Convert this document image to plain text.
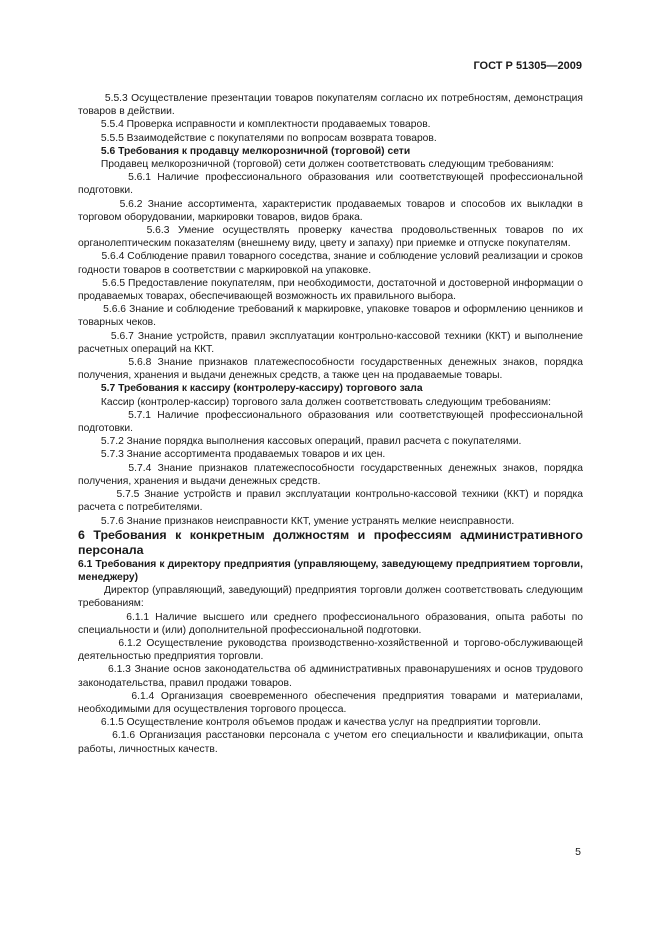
ГОСТ Р 51305—2009

5.5.3 Осуществление презентации товаров покупателям согласно их потребностям, демонстрация товаров в действии.

5.5.4 Проверка исправности и комплектности продаваемых товаров.

5.5.5 Взаимодействие с покупателями по вопросам возврата товаров.

5.6 Требования к продавцу мелкорозничной (торговой) сети

Продавец мелкорозничной (торговой) сети должен соответствовать следующим требованиям:

5.6.1 Наличие профессионального образования или соответствующей профессиональной подготовки.

5.6.2 Знание ассортимента, характеристик продаваемых товаров и способов их выкладки в торговом оборудовании, маркировки товаров, видов брака.

5.6.3 Умение осуществлять проверку качества продовольственных товаров по их органолептическим показателям (внешнему виду, цвету и запаху) при приемке и отпуске покупателям.

5.6.4 Соблюдение правил товарного соседства, знание и соблюдение условий реализации и сроков годности товаров в соответствии с маркировкой на упаковке.

5.6.5 Предоставление покупателям, при необходимости, достаточной и достоверной информации о продаваемых товарах, обеспечивающей возможность их правильного выбора.

5.6.6 Знание и соблюдение требований к маркировке, упаковке товаров и оформлению ценников и товарных чеков.

5.6.7 Знание устройств, правил эксплуатации контрольно-кассовой техники (ККТ) и выполнение расчетных операций на ККТ.

5.6.8 Знание признаков платежеспособности государственных денежных знаков, порядка получения, хранения и выдачи денежных средств, а также цен на продаваемые товары.

5.7 Требования к кассиру (контролеру-кассиру) торгового зала

Кассир (контролер-кассир) торгового зала должен соответствовать следующим требованиям:

5.7.1 Наличие профессионального образования или соответствующей профессиональной подготовки.

5.7.2 Знание порядка выполнения кассовых операций, правил расчета с покупателями.

5.7.3 Знание ассортимента продаваемых товаров и их цен.

5.7.4 Знание признаков платежеспособности государственных денежных знаков, порядка получения, хранения и выдачи денежных средств.

5.7.5 Знание устройств и правил эксплуатации контрольно-кассовой техники (ККТ) и порядка расчета с потребителями.

5.7.6 Знание признаков неисправности ККТ, умение устранять мелкие неисправности.

6 Требования к конкретным должностям и профессиям административного персонала

6.1 Требования к директору предприятия (управляющему, заведующему предприятием торговли, менеджеру)

Директор (управляющий, заведующий) предприятия торговли должен соответствовать следующим требованиям:

6.1.1 Наличие высшего или среднего профессионального образования, опыта работы по специальности и (или) дополнительной профессиональной подготовки.

6.1.2 Осуществление руководства производственно-хозяйственной и торгово-обслуживающей деятельностью предприятия торговли.

6.1.3 Знание основ законодательства об административных правонарушениях и основ трудового законодательства, правил продажи товаров.

6.1.4 Организация своевременного обеспечения предприятия товарами и материалами, необходимыми для осуществления торгового процесса.

6.1.5 Осуществление контроля объемов продаж и качества услуг на предприятии торговли.

6.1.6 Организация расстановки персонала с учетом его специальности и квалификации, опыта работы, личностных качеств.

5
